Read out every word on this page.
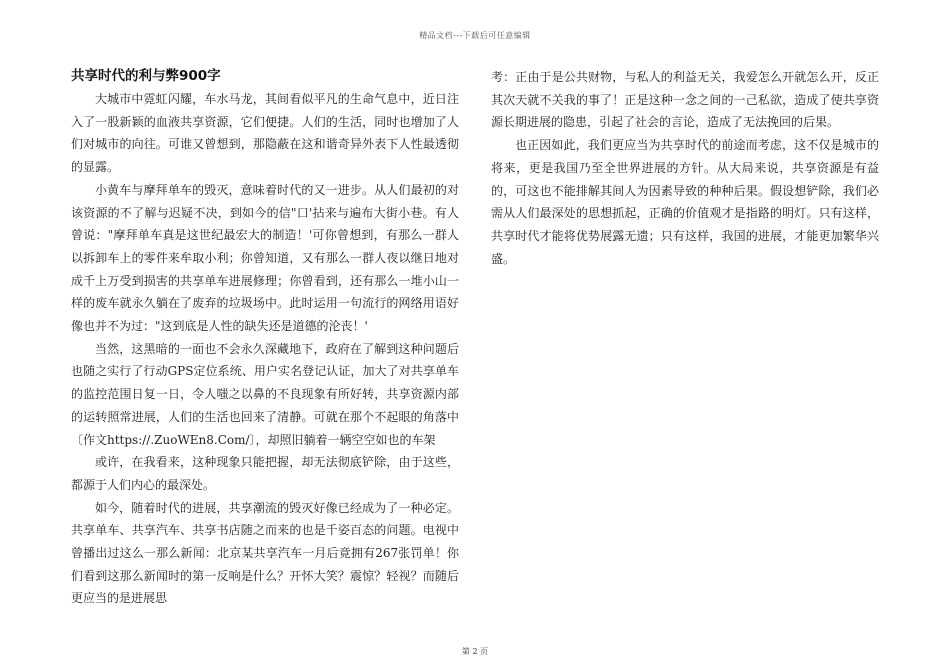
精品文档---下载后可任意编辑
共享时代的利与弊900字

大城市中霓虹闪耀，车水马龙，其间看似平凡的生命气息中，近日注入了一股新颖的血液共享资源，它们便捷。人们的生活，同时也增加了人们对城市的向往。可谁又曾想到，那隐蔽在这和谐奇异外表下人性最透彻的显露。

小黄车与摩拜单车的毁灭，意味着时代的又一进步。从人们最初的对该资源的不了解与迟疑不决，到如今的信"口'拈来与遍布大街小巷。有人曾说："摩拜单车真是这世纪最宏大的制造！'可你曾想到，有那么一群人以拆卸车上的零件来牟取小利；你曾知道，又有那么一群人夜以继日地对成千上万受到损害的共享单车进展修理；你曾看到，还有那么一堆小山一样的废车就永久躺在了废弃的垃圾场中。此时运用一句流行的网络用语好像也并不为过："这到底是人性的缺失还是道德的沦丧！'

当然，这黑暗的一面也不会永久深藏地下，政府在了解到这种问题后也随之实行了行动GPS定位系统、用户实名登记认证，加大了对共享单车的监控范围日复一日，令人嗤之以鼻的不良现象有所好转，共享资源内部的运转照常进展，人们的生活也回来了清静。可就在那个不起眼的角落中〔作文https://.ZuoWEn8.Com/〕，却照旧躺着一辆空空如也的车架

或许，在我看来，这种现象只能把握，却无法彻底铲除，由于这些，都源于人们内心的最深处。

如今，随着时代的进展，共享潮流的毁灭好像已经成为了一种必定。共享单车、共享汽车、共享书店随之而来的也是千姿百态的问题。电视中曾播出过这么一那么新闻：北京某共享汽车一月后竟拥有267张罚单！你们看到这那么新闻时的第一反响是什么？开怀大笑？震惊？轻视？而随后更应当的是进展思

考：正由于是公共财物，与私人的利益无关，我爱怎么开就怎么开，反正其次天就不关我的事了！正是这种一念之间的一己私欲，造成了使共享资源长期进展的隐患，引起了社会的言论，造成了无法挽回的后果。

也正因如此，我们更应当为共享时代的前途而考虑，这不仅是城市的将来，更是我国乃至全世界进展的方针。从大局来说，共享资源是有益的，可这也不能排解其间人为因素导致的种种后果。假设想铲除，我们必需从人们最深处的思想抓起，正确的价值观才是指路的明灯。只有这样，共享时代才能将优势展露无遗；只有这样，我国的进展，才能更加繁华兴盛。

第 2 页
